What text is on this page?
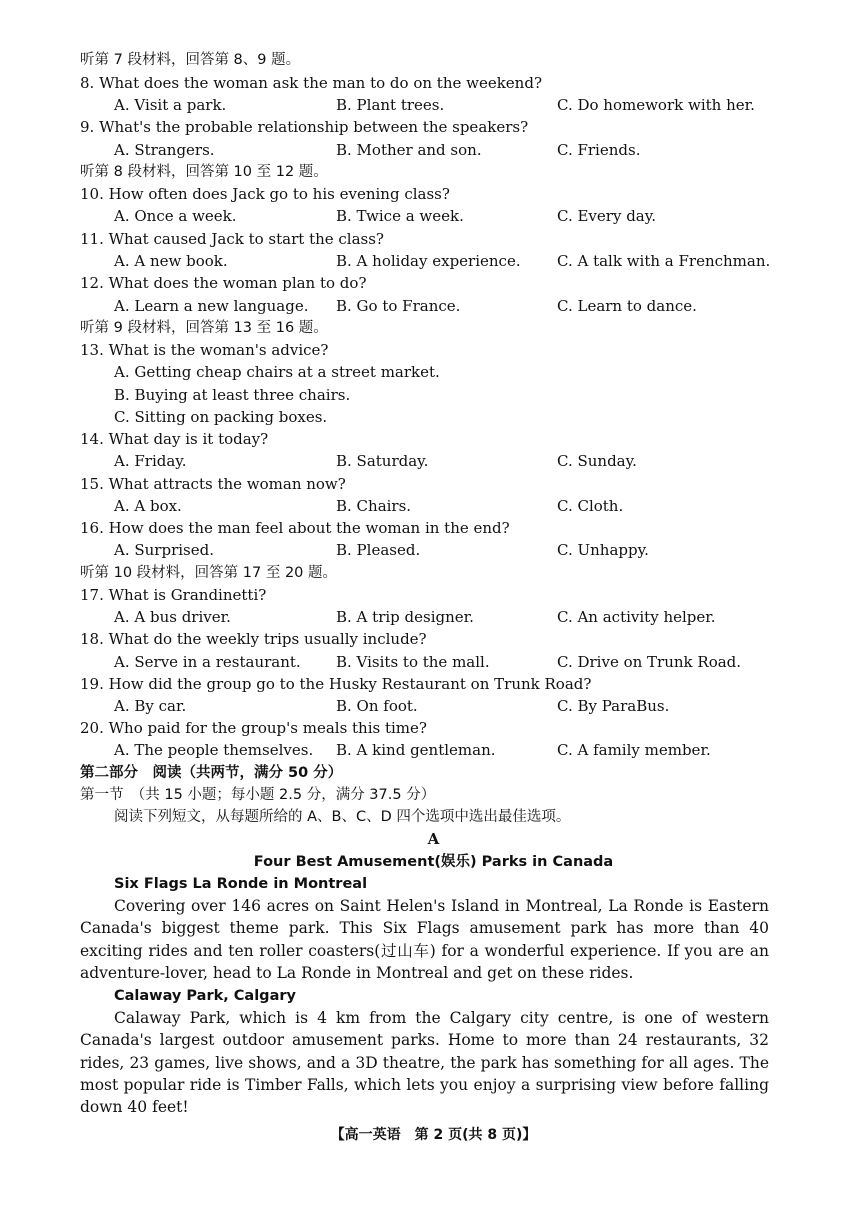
听第 7 段材料，回答第 8、9 题。
8. What does the woman ask the man to do on the weekend?
A. Visit a park.	B. Plant trees.	C. Do homework with her.
9. What's the probable relationship between the speakers?
A. Strangers.	B. Mother and son.	C. Friends.
听第 8 段材料，回答第 10 至 12 题。
10. How often does Jack go to his evening class?
A. Once a week.	B. Twice a week.	C. Every day.
11. What caused Jack to start the class?
A. A new book.	B. A holiday experience. C. A talk with a Frenchman.
12. What does the woman plan to do?
A. Learn a new language. B. Go to France.	C. Learn to dance.
听第 9 段材料，回答第 13 至 16 题。
13. What is the woman's advice?
A. Getting cheap chairs at a street market.
B. Buying at least three chairs.
C. Sitting on packing boxes.
14. What day is it today?
A. Friday.	B. Saturday.	C. Sunday.
15. What attracts the woman now?
A. A box.	B. Chairs.	C. Cloth.
16. How does the man feel about the woman in the end?
A. Surprised.	B. Pleased.	C. Unhappy.
听第 10 段材料，回答第 17 至 20 题。
17. What is Grandinetti?
A. A bus driver.	B. A trip designer.	C. An activity helper.
18. What do the weekly trips usually include?
A. Serve in a restaurant. B. Visits to the mall.	C. Drive on Trunk Road.
19. How did the group go to the Husky Restaurant on Trunk Road?
A. By car.	B. On foot.	C. By ParaBus.
20. Who paid for the group's meals this time?
A. The people themselves. B. A kind gentleman.	C. A family member.
第二部分　阅读（共两节，满分 50 分）
第一节　（共 15 小题；每小题 2.5 分，满分 37.5 分）
阅读下列短文，从每题所给的 A、B、C、D 四个选项中选出最佳选项。
A
Four Best Amusement(娱乐) Parks in Canada
Six Flags La Ronde in Montreal
Covering over 146 acres on Saint Helen's Island in Montreal, La Ronde is Eastern Canada's biggest theme park. This Six Flags amusement park has more than 40 exciting rides and ten roller coasters(过山车) for a wonderful experience. If you are an adventure-lover, head to La Ronde in Montreal and get on these rides.
Calaway Park, Calgary
Calaway Park, which is 4 km from the Calgary city centre, is one of western Canada's largest outdoor amusement parks. Home to more than 24 restaurants, 32 rides, 23 games, live shows, and a 3D theatre, the park has something for all ages. The most popular ride is Timber Falls, which lets you enjoy a surprising view before falling down 40 feet!
【高一英语　第 2 页(共 8 页)】
